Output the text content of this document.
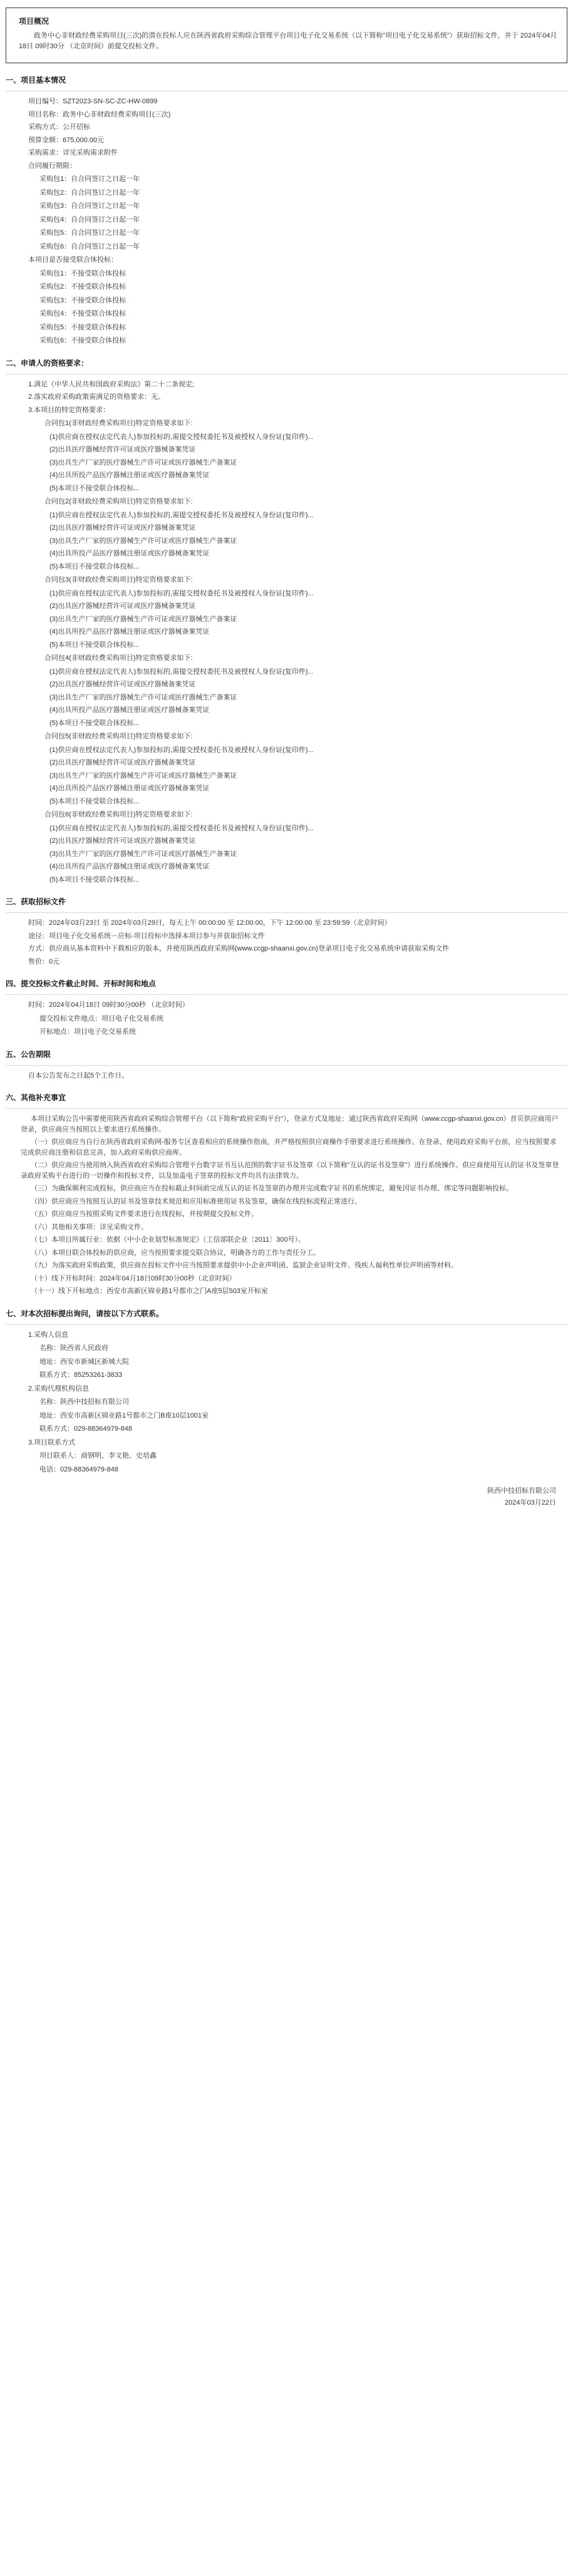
项目概况

政务中心非财政经费采购项目(三次)的潜在投标人应在陕西省政府采购综合管理平台项目电子化交易系统（以下简称“项目电子化交易系统”）获取招标文件，并于 2024年04月18日 09时30分 （北京时间）前提交投标文件。

一、项目基本情况
项目编号：SZT2023-SN-SC-ZC-HW-0899
项目名称：政务中心非财政经费采购项目(三次)
采购方式：公开招标
预算金额：675,000.00元
采购需求：详见采购需求附件
合同履行期限：
采购包1：自合同签订之日起一年
采购包2：自合同签订之日起一年
采购包3：自合同签订之日起一年
采购包4：自合同签订之日起一年
采购包5：自合同签订之日起一年
采购包6：自合同签订之日起一年
本项目是否接受联合体投标：
采购包1：不接受联合体投标
采购包2：不接受联合体投标
采购包3：不接受联合体投标
采购包4：不接受联合体投标
采购包5：不接受联合体投标
采购包6：不接受联合体投标
二、申请人的资格要求：
1.满足《中华人民共和国政府采购法》第二十二条规定;
2.落实政府采购政策需满足的资格要求：无。
3.本项目的特定资格要求：
合同包1(非财政经费采购项目)特定资格要求如下:
(1)供应商在授权法定代表人)参加投标的,需提交授权委托书及被授权人身份证(复印件)...
(2)出具医疗器械经营许可证或医疗器械备案凭证
(3)出具生产厂家的医疗器械生产许可证或医疗器械生产备案证
(4)出具所投产品医疗器械注册证或医疗器械备案凭证
(5)本项目不接受联合体投标...
合同包2(非财政经费采购项目)特定资格要求如下:
(1)供应商在授权法定代表人)参加投标的,需提交授权委托书及被授权人身份证(复印件)...
(2)出具医疗器械经营许可证或医疗器械备案凭证
(3)出具生产厂家的医疗器械生产许可证或医疗器械生产备案证
(4)出具所投产品医疗器械注册证或医疗器械备案凭证
(5)本项目不接受联合体投标...
合同包3(非财政经费采购项目)特定资格要求如下:
(1)供应商在授权法定代表人)参加投标的,需提交授权委托书及被授权人身份证(复印件)...
(2)出具医疗器械经营许可证或医疗器械备案凭证
(3)出具生产厂家的医疗器械生产许可证或医疗器械生产备案证
(4)出具所投产品医疗器械注册证或医疗器械备案凭证
(5)本项目不接受联合体投标...
合同包4(非财政经费采购项目)特定资格要求如下:
(1)供应商在授权法定代表人)参加投标的,需提交授权委托书及被授权人身份证(复印件)...
(2)出具医疗器械经营许可证或医疗器械备案凭证
(3)出具生产厂家的医疗器械生产许可证或医疗器械生产备案证
(4)出具所投产品医疗器械注册证或医疗器械备案凭证
(5)本项目不接受联合体投标...
合同包5(非财政经费采购项目)特定资格要求如下:
(1)供应商在授权法定代表人)参加投标的,需提交授权委托书及被授权人身份证(复印件)...
(2)出具医疗器械经营许可证或医疗器械备案凭证
(3)出具生产厂家的医疗器械生产许可证或医疗器械生产备案证
(4)出具所投产品医疗器械注册证或医疗器械备案凭证
(5)本项目不接受联合体投标...
合同包6(非财政经费采购项目)特定资格要求如下:
(1)供应商在授权法定代表人)参加投标的,需提交授权委托书及被授权人身份证(复印件)...
(2)出具医疗器械经营许可证或医疗器械备案凭证
(3)出具生产厂家的医疗器械生产许可证或医疗器械生产备案证
(4)出具所投产品医疗器械注册证或医疗器械备案凭证
(5)本项目不接受联合体投标...
三、获取招标文件
时间：2024年03月23日 至 2024年03月29日，每天上午 00:00:00 至 12:00:00，下午 12:00:00 至 23:59:59（北京时间）
途径：项目电子化交易系统－应标-项目投标中选择本项目参与并获取招标文件
方式：供应商从基本资料中下载相应的版本，并使用陕西政府采购网(www.ccgp-shaanxi.gov.cn)登录项目电子化交易系统申请获取采购文件
售价：0元
四、提交投标文件截止时间、开标时间和地点
时间：2024年04月18日 09时30分00秒 （北京时间）
提交投标文件地点：项目电子化交易系统
开标地点：项目电子化交易系统
五、公告期限
自本公告发布之日起5个工作日。
六、其他补充事宜
本项目采购公告中需要使用陕西省政府采购综合管理平台（以下简称“政府采购平台”），登录方式及地址：通过陕西省政府采购网（www.ccgp-shaanxi.gov.cn）首页供应商用户登录，供应商应当按照以上要求进行系统操作。
（一）供应商应当自行在陕西省政府采购网-服务专区查看相应的系统操作指南，并严格按照供应商操作手册要求进行系统操作。在登录、使用政府采购平台前，应当按照要求完成供应商注册和信息完善，加入政府采购供应商库。
（二）供应商应当使用纳入陕西省政府采购综合管理平台数字证书互认范围的数字证书及签章（以下简称“互认的证书及签章”）进行系统操作。供应商使用互认的证书及签章登录政府采购平台进行的一切操作和投标文件，以及加盖电子签章的投标文件均具有法律效力。
（三）为确保顺利完成投标，供应商应当在投标截止时间前完成互认的证书及签章的办理并完成数字证书的系统绑定，避免因证书办理、绑定等问题影响投标。
（四）供应商应当按照互认的证书及签章技术规范和应用标准使用证书及签章，确保在线投标流程正常进行。
（五）供应商应当按照采购文件要求进行在线投标，并按期提交投标文件。
（六）其他相关事项：详见采购文件。
（七）本项目所属行业：依据《中小企业划型标准规定》（工信部联企业〔2011〕300号）。
（八）本项目联合体投标的供应商，应当按照要求提交联合协议，明确各方的工作与责任分工。
（九）为落实政府采购政策，供应商在投标文件中应当按照要求提供中小企业声明函、监狱企业证明文件、残疾人福利性单位声明函等材料。
（十）线下开标时间：2024年04月18日09时30分00秒（北京时间）
（十一）线下开标地点：西安市高新区锦业路1号都市之门A座5层503室开标室
七、对本次招标提出询问，请按以下方式联系。
1.采购人信息
名称：陕西省人民政府
地址：西安市新城区新城大院
联系方式：85253261-3833
2.采购代理机构信息
名称：陕西中技招标有限公司
地址：西安市高新区锦业路1号都市之门B座10层1001室
联系方式：029-88364979-848
3.项目联系方式
项目联系人：商钢明、李文艳、史培鑫
电话：029-88364979-848
陕西中技招标有限公司
2024年03月22日
